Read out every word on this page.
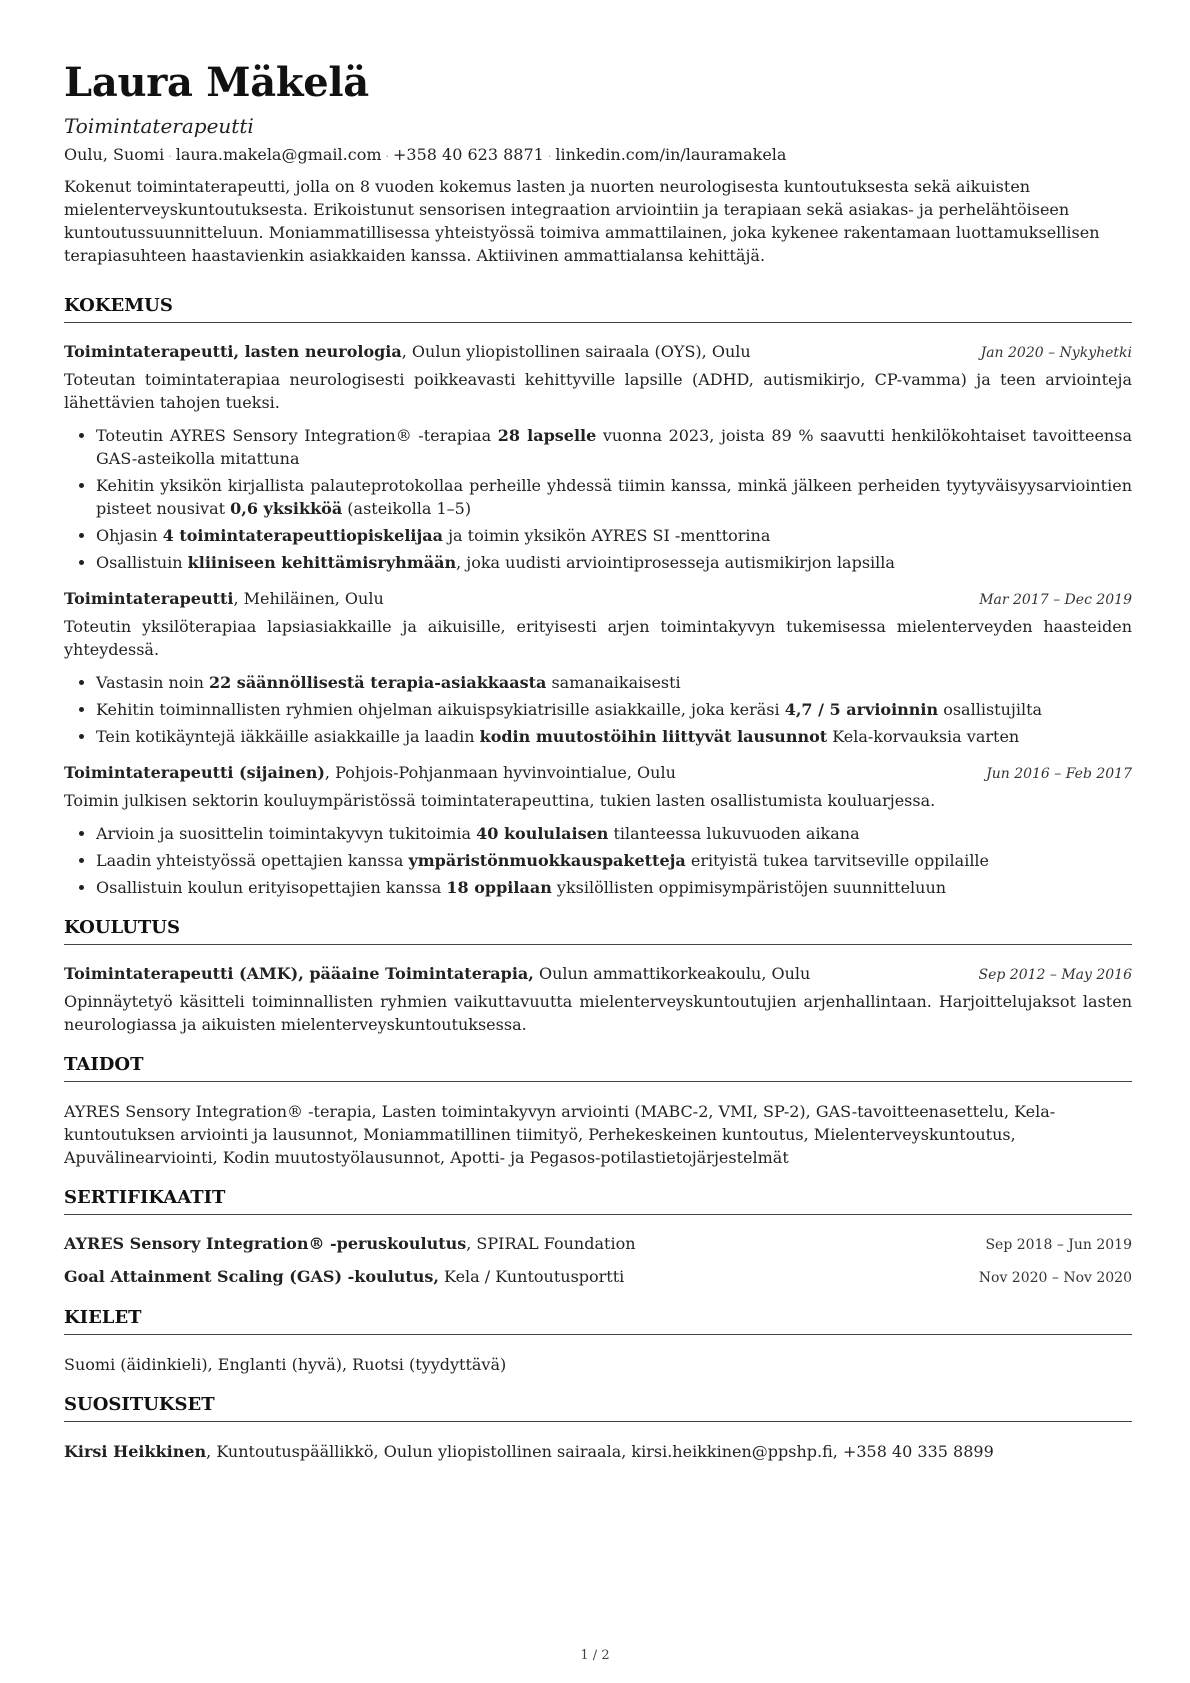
Laura Mäkelä
Toimintaterapeutti
Oulu, Suomi · laura.makela@gmail.com · +358 40 623 8871 · linkedin.com/in/lauramakela
Kokenut toimintaterapeutti, jolla on 8 vuoden kokemus lasten ja nuorten neurologisesta kuntoutuksesta sekä aikuisten mielenterveyskuntoutuksesta. Erikoistunut sensorisen integraation arviointiin ja terapiaan sekä asiakas- ja perhelähtöiseen kuntoutussuunnitteluun. Moniammatillisessa yhteistyössä toimiva ammattilainen, joka kykenee rakentamaan luottamuksellisen terapiasuhteen haastavienkin asiakkaiden kanssa. Aktiivinen ammattialansa kehittäjä.
KOKEMUS
Toimintaterapeutti, lasten neurologia, Oulun yliopistollinen sairaala (OYS), Oulu	Jan 2020 – Nykyhetki
Toteutan toimintaterapiaa neurologisesti poikkeavasti kehittyville lapsille (ADHD, autismikirjo, CP-vamma) ja teen arviointeja lähettävien tahojen tueksi.
• Toteutin AYRES Sensory Integration® -terapiaa 28 lapselle vuonna 2023, joista 89 % saavutti henkilökohtaiset tavoitteensa GAS-asteikolla mitattuna
• Kehitin yksikön kirjallista palauteprotokollaa perheille yhdessä tiimin kanssa, minkä jälkeen perheiden tyytyväisyysarviointien pisteet nousivat 0,6 yksikköä (asteikolla 1–5)
• Ohjasin 4 toimintaterapeuttiopiskelijaa ja toimin yksikön AYRES SI -menttorina
• Osallistuin kliiniseen kehittämisryhmään, joka uudisti arviointiprosesseja autismikirjon lapsilla
Toimintaterapeutti, Mehiläinen, Oulu	Mar 2017 – Dec 2019
Toteutin yksilöterapiaa lapsiasiakkaille ja aikuisille, erityisesti arjen toimintakyvyn tukemisessa mielenterveyden haasteiden yhteydessä.
• Vastasin noin 22 säännöllisestä terapia-asiakkaasta samanaikaisesti
• Kehitin toiminnallisten ryhmien ohjelman aikuispsykiatrisille asiakkaille, joka keräsi 4,7 / 5 arvioinnin osallistujilta
• Tein kotikäyntejä iäkkäille asiakkaille ja laadin kodin muutostöihin liittyvät lausunnot Kela-korvauksia varten
Toimintaterapeutti (sijainen), Pohjois-Pohjanmaan hyvinvointialue, Oulu	Jun 2016 – Feb 2017
Toimin julkisen sektorin kouluympäristössä toimintaterapeuttina, tukien lasten osallistumista kouluarjessa.
• Arvioin ja suosittelin toimintakyvyn tukitoimia 40 koululaisen tilanteessa lukuvuoden aikana
• Laadin yhteistyössä opettajien kanssa ympäristönmuokkauspaketteja erityistä tukea tarvitseville oppilaille
• Osallistuin koulun erityisopettajien kanssa 18 oppilaan yksilöllisten oppimisympäristöjen suunnitteluun
KOULUTUS
Toimintaterapeutti (AMK), pääaine Toimintaterapia, Oulun ammattikorkeakoulu, Oulu	Sep 2012 – May 2016
Opinnäytetyö käsitteli toiminnallisten ryhmien vaikuttavuutta mielenterveyskuntoutujien arjenhallintaan. Harjoittelujaksot lasten neurologiassa ja aikuisten mielenterveyskuntoutuksessa.
TAIDOT
AYRES Sensory Integration® -terapia, Lasten toimintakyvyn arviointi (MABC-2, VMI, SP-2), GAS-tavoitteenasettelu, Kela-kuntoutuksen arviointi ja lausunnot, Moniammatillinen tiimityö, Perhekeskeinen kuntoutus, Mielenterveyskuntoutus, Apuvälinearviointi, Kodin muutostyölausunnot, Apotti- ja Pegasos-potilastietojärjestelmät
SERTIFIKAATIT
AYRES Sensory Integration® -peruskoulutus, SPIRAL Foundation	Sep 2018 – Jun 2019
Goal Attainment Scaling (GAS) -koulutus, Kela / Kuntoutusportti	Nov 2020 – Nov 2020
KIELET
Suomi (äidinkieli), Englanti (hyvä), Ruotsi (tyydyttävä)
SUOSITUKSET
Kirsi Heikkinen, Kuntoutuspäällikkö, Oulun yliopistollinen sairaala, kirsi.heikkinen@ppshp.fi, +358 40 335 8899
1 / 2
